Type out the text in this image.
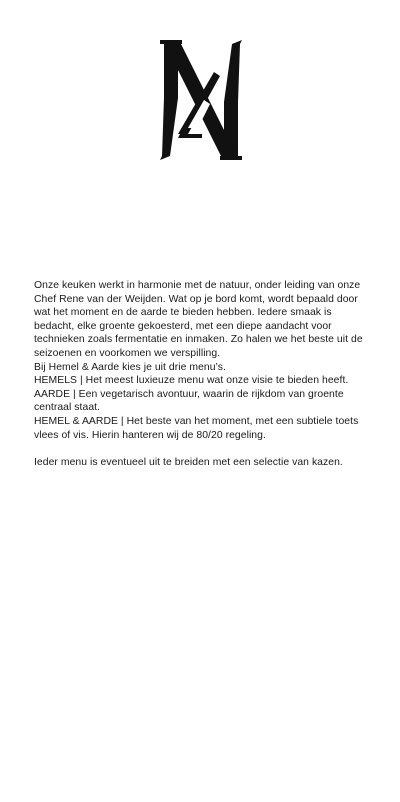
Onze keuken werkt in harmonie met de natuur, onder leiding van onze Chef Rene van der Weijden. Wat op je bord komt, wordt bepaald door wat het moment en de aarde te bieden hebben. Iedere smaak is bedacht, elke groente gekoesterd, met een diepe aandacht voor technieken zoals fermentatie en inmaken. Zo halen we het beste uit de seizoenen en voorkomen we verspilling.

Bij Hemel & Aarde kies je uit drie menu’s.

HEMELS | Het meest luxieuze menu wat onze visie te bieden heeft.

AARDE | Een vegetarisch avontuur, waarin de rijkdom van groente centraal staat.

HEMEL & AARDE | Het beste van het moment, met een subtiele toets vlees of vis. Hierin hanteren wij de 80/20 regeling.

Ieder menu is eventueel uit te breiden met een selectie van kazen.
